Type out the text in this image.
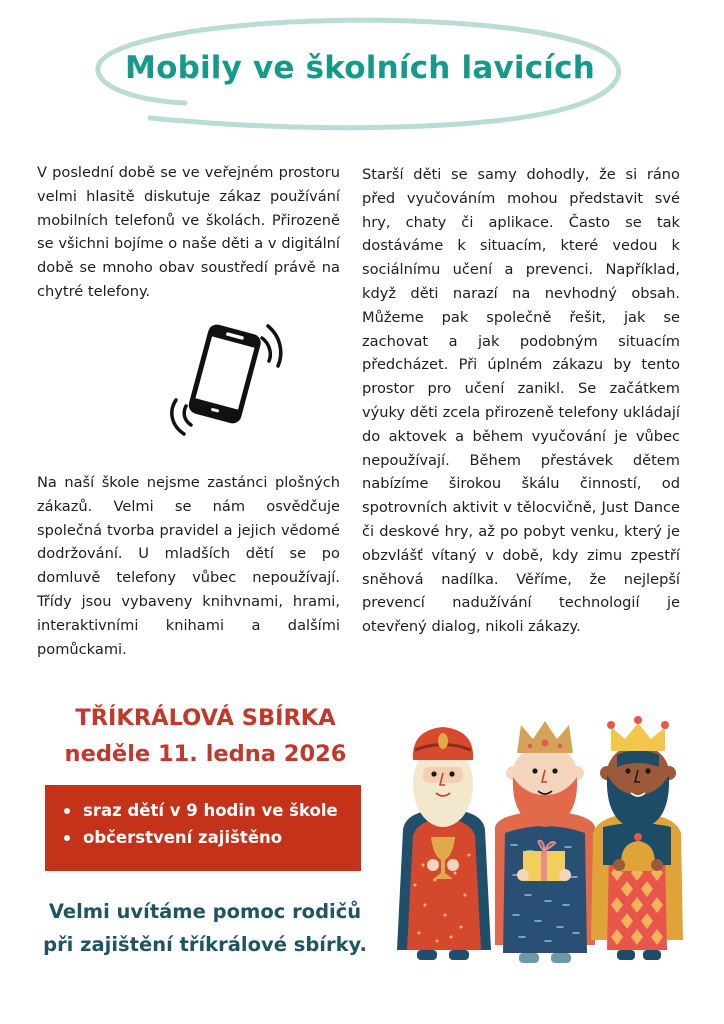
Mobily ve školních lavicích

V poslední době se ve veřejném prostoru velmi hlasitě diskutuje zákaz používání mobilních telefonů ve školách. Přirozeně se všichni bojíme o naše děti a v digitální době se mnoho obav soustředí právě na chytré telefony.

Na naší škole nejsme zastánci plošných zákazů. Velmi se nám osvědčuje společná tvorba pravidel a jejich vědomé dodržování. U mladších dětí se po domluvě telefony vůbec nepoužívají. Třídy jsou vybaveny knihvnami, hrami, interaktivními knihami a dalšími pomůckami.

Starší děti se samy dohodly, že si ráno před vyučováním mohou představit své hry, chaty či aplikace. Často se tak dostáváme k situacím, které vedou k sociálnímu učení a prevenci. Například, když děti narazí na nevhodný obsah. Můžeme pak společně řešit, jak se zachovat a jak podobným situacím předcházet. Při úplném zákazu by tento prostor pro učení zanikl. Se začátkem výuky děti zcela přirozeně telefony ukládají do aktovek a během vyučování je vůbec nepoužívají. Během přestávek dětem nabízíme širokou škálu činností, od spotrovních aktivit v tělocvičně, Just Dance či deskové hry, až po pobyt venku, který je obzvlášť vítaný v době, kdy zimu zpestří sněhová nadílka. Věříme, že nejlepší prevencí nadužívání technologií je otevřený dialog, nikoli zákazy.

TŘÍKRÁLOVÁ SBÍRKA
neděle 11. ledna 2026
sraz dětí v 9 hodin ve škole
občerstvení zajištěno
Velmi uvítáme pomoc rodičů
při zajištění tříkrálové sbírky.
